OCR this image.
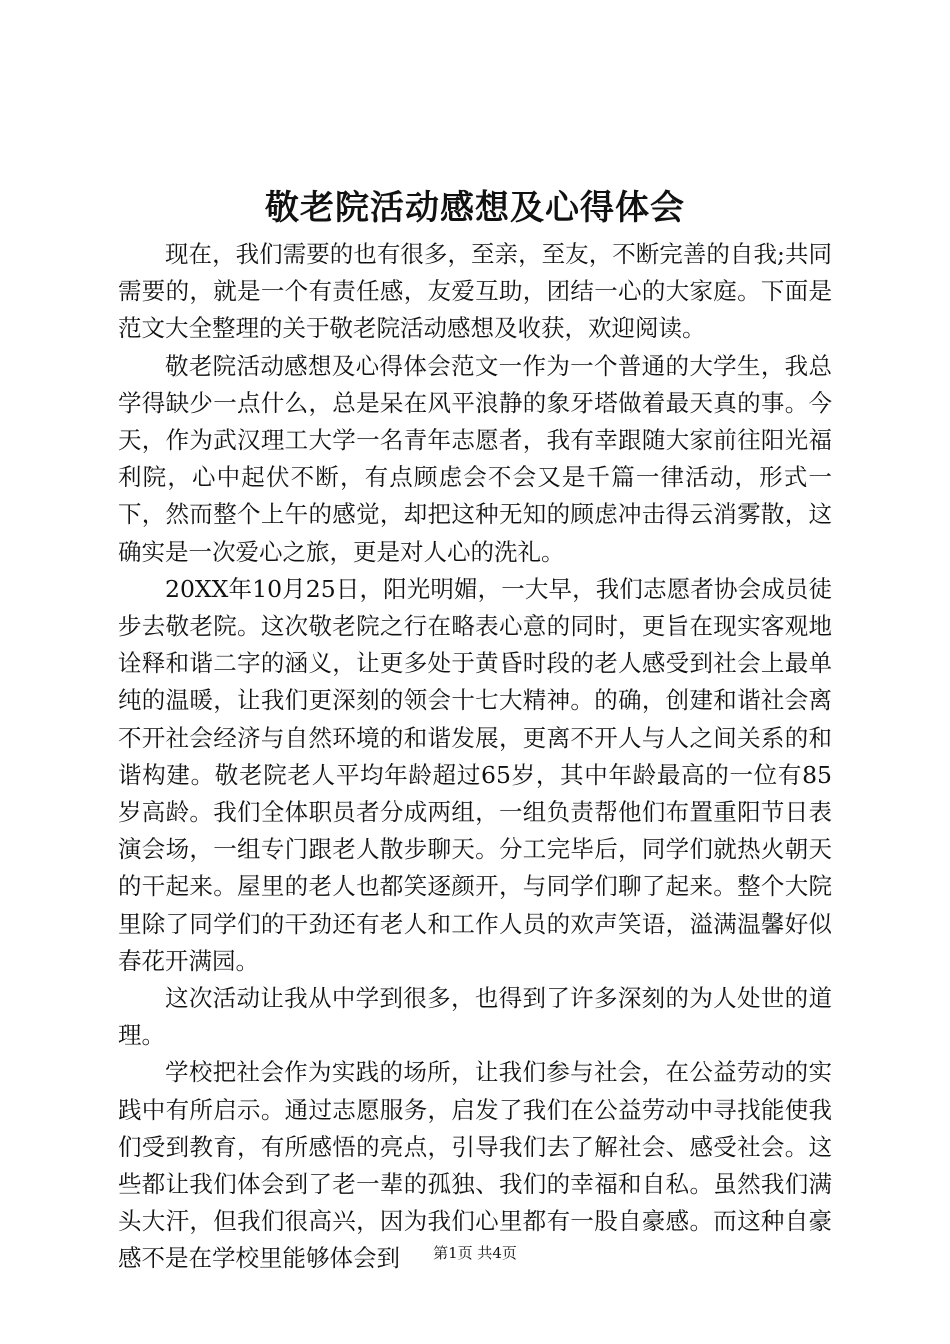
敬老院活动感想及心得体会

现在，我们需要的也有很多，至亲，至友，不断完善的自我;共同需要的，就是一个有责任感，友爱互助，团结一心的大家庭。下面是范文大全整理的关于敬老院活动感想及收获，欢迎阅读。

敬老院活动感想及心得体会范文一作为一个普通的大学生，我总学得缺少一点什么，总是呆在风平浪静的象牙塔做着最天真的事。今天，作为武汉理工大学一名青年志愿者，我有幸跟随大家前往阳光福利院，心中起伏不断，有点顾虑会不会又是千篇一律活动，形式一下，然而整个上午的感觉，却把这种无知的顾虑冲击得云消雾散，这确实是一次爱心之旅，更是对人心的洗礼。

20XX年10月25日，阳光明媚，一大早，我们志愿者协会成员徒步去敬老院。这次敬老院之行在略表心意的同时，更旨在现实客观地诠释和谐二字的涵义，让更多处于黄昏时段的老人感受到社会上最单纯的温暖，让我们更深刻的领会十七大精神。的确，创建和谐社会离不开社会经济与自然环境的和谐发展，更离不开人与人之间关系的和谐构建。敬老院老人平均年龄超过65岁，其中年龄最高的一位有85岁高龄。我们全体职员者分成两组，一组负责帮他们布置重阳节日表演会场，一组专门跟老人散步聊天。分工完毕后，同学们就热火朝天的干起来。屋里的老人也都笑逐颜开，与同学们聊了起来。整个大院里除了同学们的干劲还有老人和工作人员的欢声笑语，溢满温馨好似春花开满园。

这次活动让我从中学到很多，也得到了许多深刻的为人处世的道理。

学校把社会作为实践的场所，让我们参与社会，在公益劳动的实践中有所启示。通过志愿服务，启发了我们在公益劳动中寻找能使我们受到教育，有所感悟的亮点，引导我们去了解社会、感受社会。这些都让我们体会到了老一辈的孤独、我们的幸福和自私。虽然我们满头大汗，但我们很高兴，因为我们心里都有一股自豪感。而这种自豪感不是在学校里能够体会到	第1页 共4页
